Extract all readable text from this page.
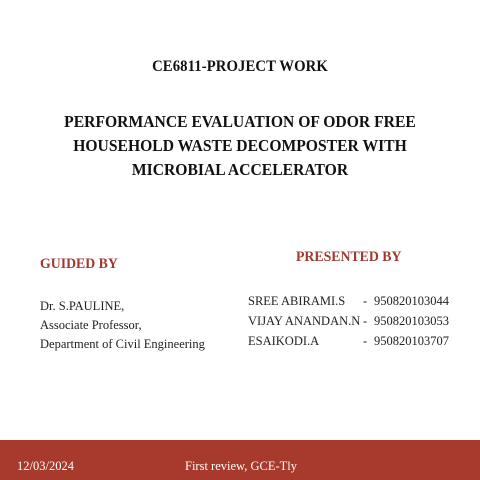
CE6811-PROJECT WORK
PERFORMANCE EVALUATION OF ODOR FREE
HOUSEHOLD WASTE DECOMPOSTER WITH
MICROBIAL ACCELERATOR
GUIDED BY	PRESENTED BY
Dr. S.PAULINE,
Associate Professor,
Department of Civil Engineering
SREE ABIRAMI.S - 950820103044
VIJAY ANANDAN.N - 950820103053
ESAIKODI.A	- 950820103707
12/03/2024	First review, GCE-Tly
